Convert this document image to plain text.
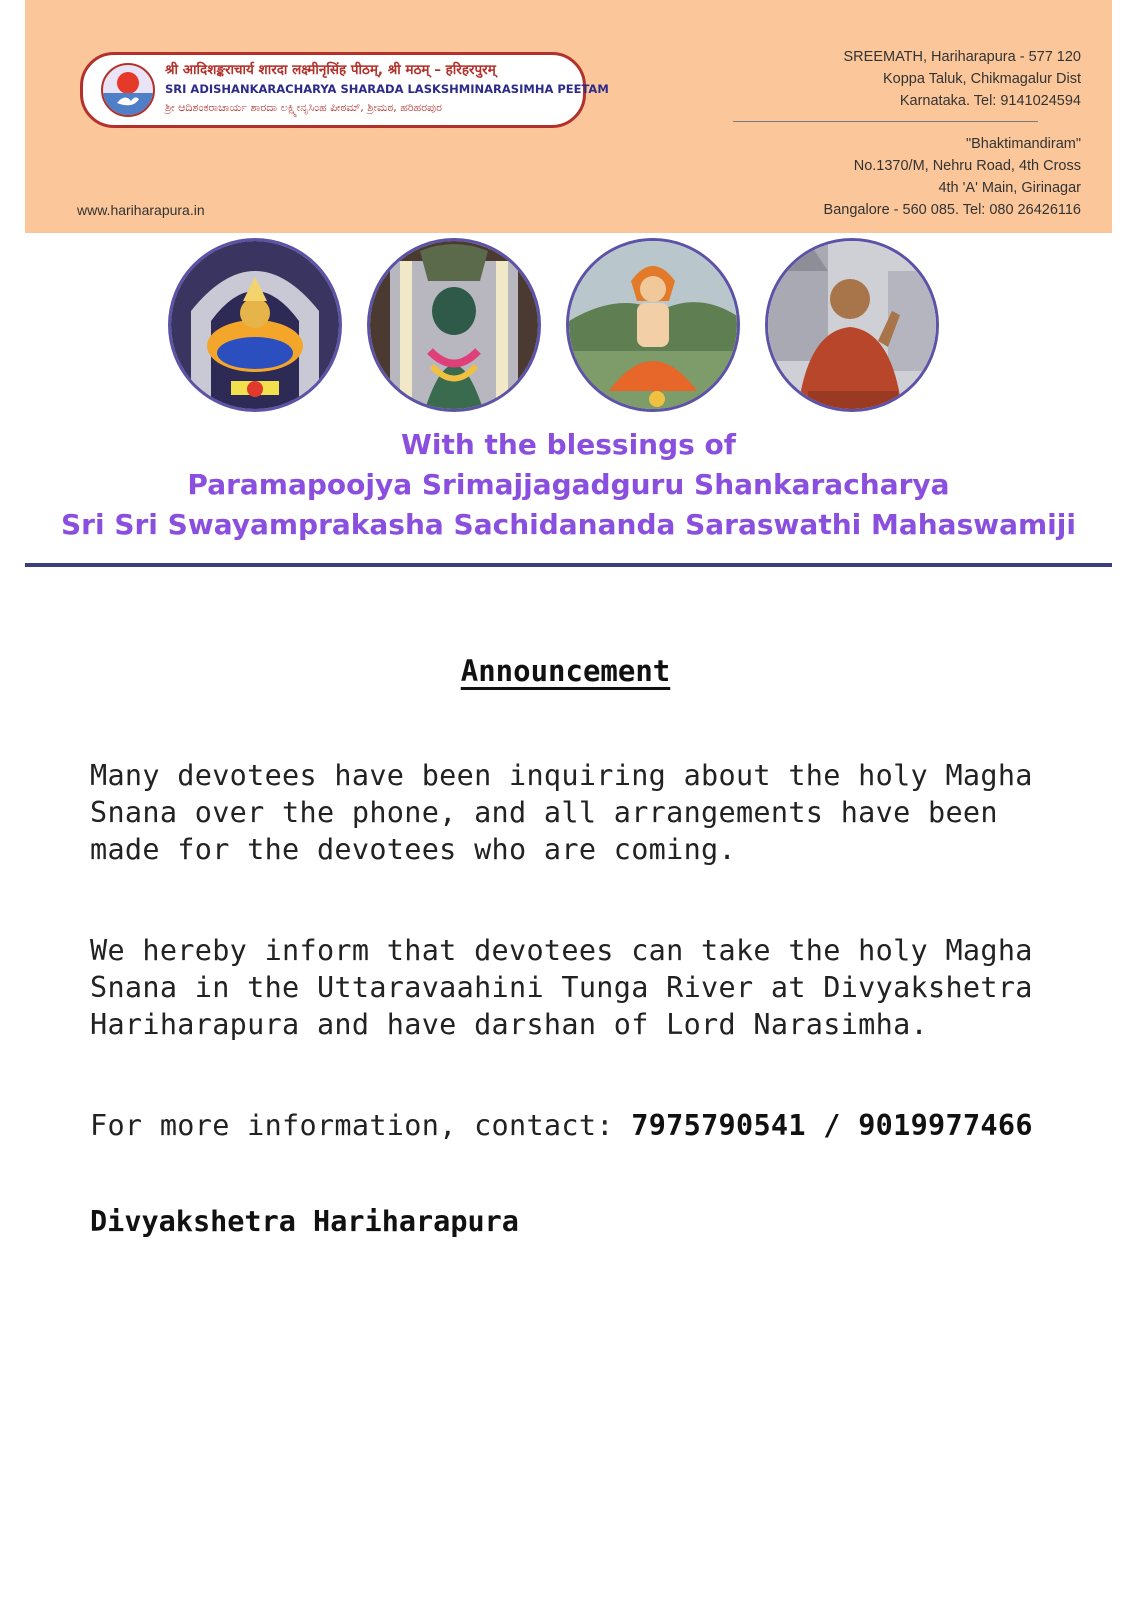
श्री आदिशङ्कराचार्य शारदा लक्ष्मीनृसिंह पीठम्, श्री मठम् – हरिहरपुरम्
SRI ADISHANKARACHARYA SHARADA LASKSHMINARASIMHA PEETAM
ಶ್ರೀ ಆದಿಶಂಕರಾಚಾರ್ಯ ಶಾರದಾ ಲಕ್ಷ್ಮೀನೃಸಿಂಹ ಪೀಠಮ್, ಶ್ರೀಮಠ, ಹರಿಹರಪುರ
www.hariharapura.in
SREEMATH, Hariharapura - 577 120
Koppa Taluk, Chikmagalur Dist
Karnataka. Tel: 9141024594
"Bhaktimandiram"
No.1370/M, Nehru Road, 4th Cross
4th 'A' Main, Girinagar
Bangalore - 560 085. Tel: 080 26426116
With the blessings of
Paramapoojya Srimajjagadguru Shankaracharya
Sri Sri Swayamprakasha Sachidananda Saraswathi Mahaswamiji
Announcement
Many devotees have been inquiring about the holy Magha
Snana over the phone, and all arrangements have been
made for the devotees who are coming.
We hereby inform that devotees can take the holy Magha
Snana in the Uttaravaahini Tunga River at Divyakshetra
Hariharapura and have darshan of Lord Narasimha.
For more information, contact: 7975790541 / 9019977466
Divyakshetra Hariharapura
